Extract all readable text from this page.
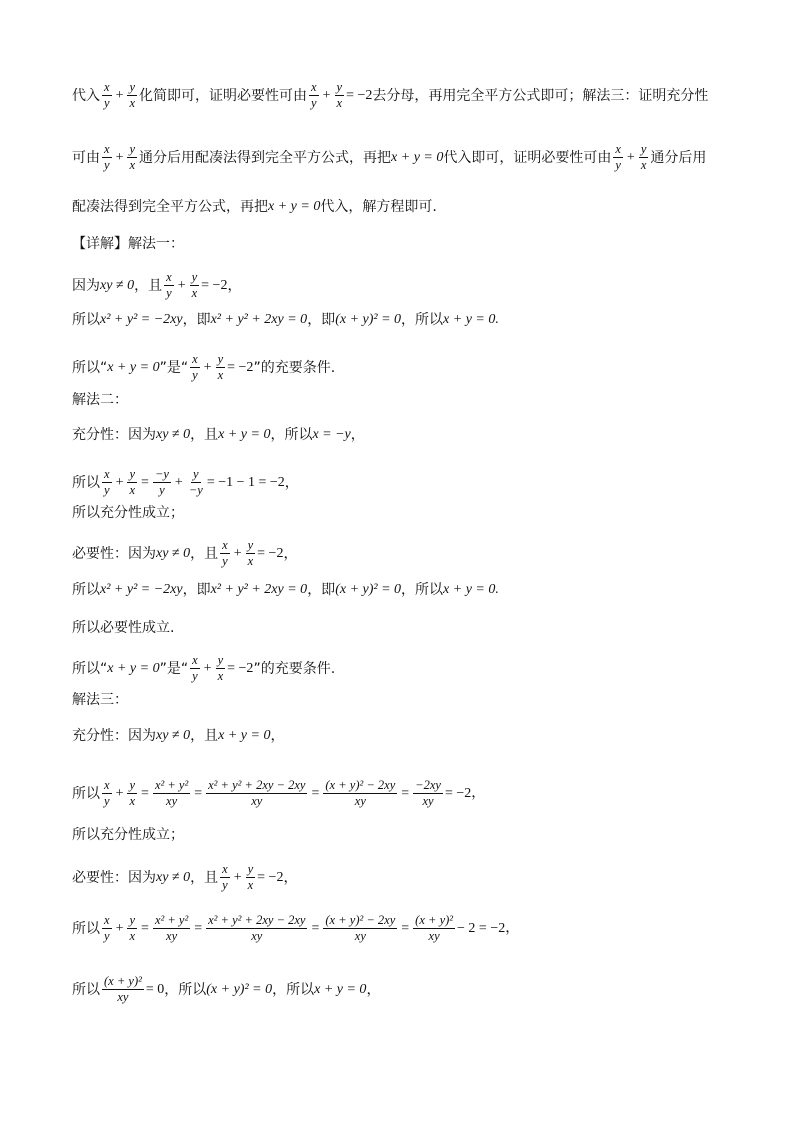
代入 $\frac{x}{y} + \frac{y}{x}$ 化简即可，证明必要性可由 $\frac{x}{y} + \frac{y}{x} = -2$ 去分母，再用完全平方公式即可；解法三：证明充分性
可由 $\frac{x}{y} + \frac{y}{x}$ 通分后用配凑法得到完全平方公式，再把 x + y = 0 代入即可，证明必要性可由 $\frac{x}{y} + \frac{y}{x}$ 通分后用
配凑法得到完全平方公式，再把 x + y = 0 代入，解方程即可.
【详解】解法一：
因为 xy ≠ 0 ，且 $\frac{x}{y} + \frac{y}{x} = -2$ ，
所以 x² + y² = −2xy ，即 x² + y² + 2xy = 0 ，即 (x + y)² = 0 ，所以 x + y = 0.
所以“ x + y = 0 ”是“ $\frac{x}{y} + \frac{y}{x} = -2$ ”的充要条件.
解法二：
充分性：因为 xy ≠ 0 ，且 x + y = 0 ，所以 x = −y ，
所以 $\frac{x}{y} + \frac{y}{x} = \frac{-y}{y} + \frac{y}{-y} = -1 - 1 = -2$ ，
所以充分性成立；
必要性：因为 xy ≠ 0 ，且 $\frac{x}{y} + \frac{y}{x} = -2$ ，
所以 x² + y² = −2xy ，即 x² + y² + 2xy = 0 ，即 (x + y)² = 0 ，所以 x + y = 0.
所以必要性成立.
所以“ x + y = 0 ”是“ $\frac{x}{y} + \frac{y}{x} = -2$ ”的充要条件.
解法三：
充分性：因为 xy ≠ 0 ，且 x + y = 0 ，
所以 $\frac{x}{y} + \frac{y}{x} = \frac{\text{x² + y²}}{xy} = \frac{\text{x² + y² + 2xy − 2xy}}{xy} = \frac{\text{(x + y)² − 2xy}}{xy} = \frac{-2xy}{xy} = -2$，
所以充分性成立；
必要性：因为 xy ≠ 0 ，且 $\frac{x}{y} + \frac{y}{x} = -2$ ，
所以 $\frac{x}{y} + \frac{y}{x} = \frac{\text{x² + y²}}{xy} = \frac{\text{x² + y² + 2xy − 2xy}}{xy} = \frac{\text{(x + y)² − 2xy}}{xy} = \frac{\text{(x + y)²}}{xy} - 2 = -2$，
所以 $\frac{\text{(x + y)²}}{xy} = 0$ ，所以 (x + y)² = 0 ，所以 x + y = 0 ，
